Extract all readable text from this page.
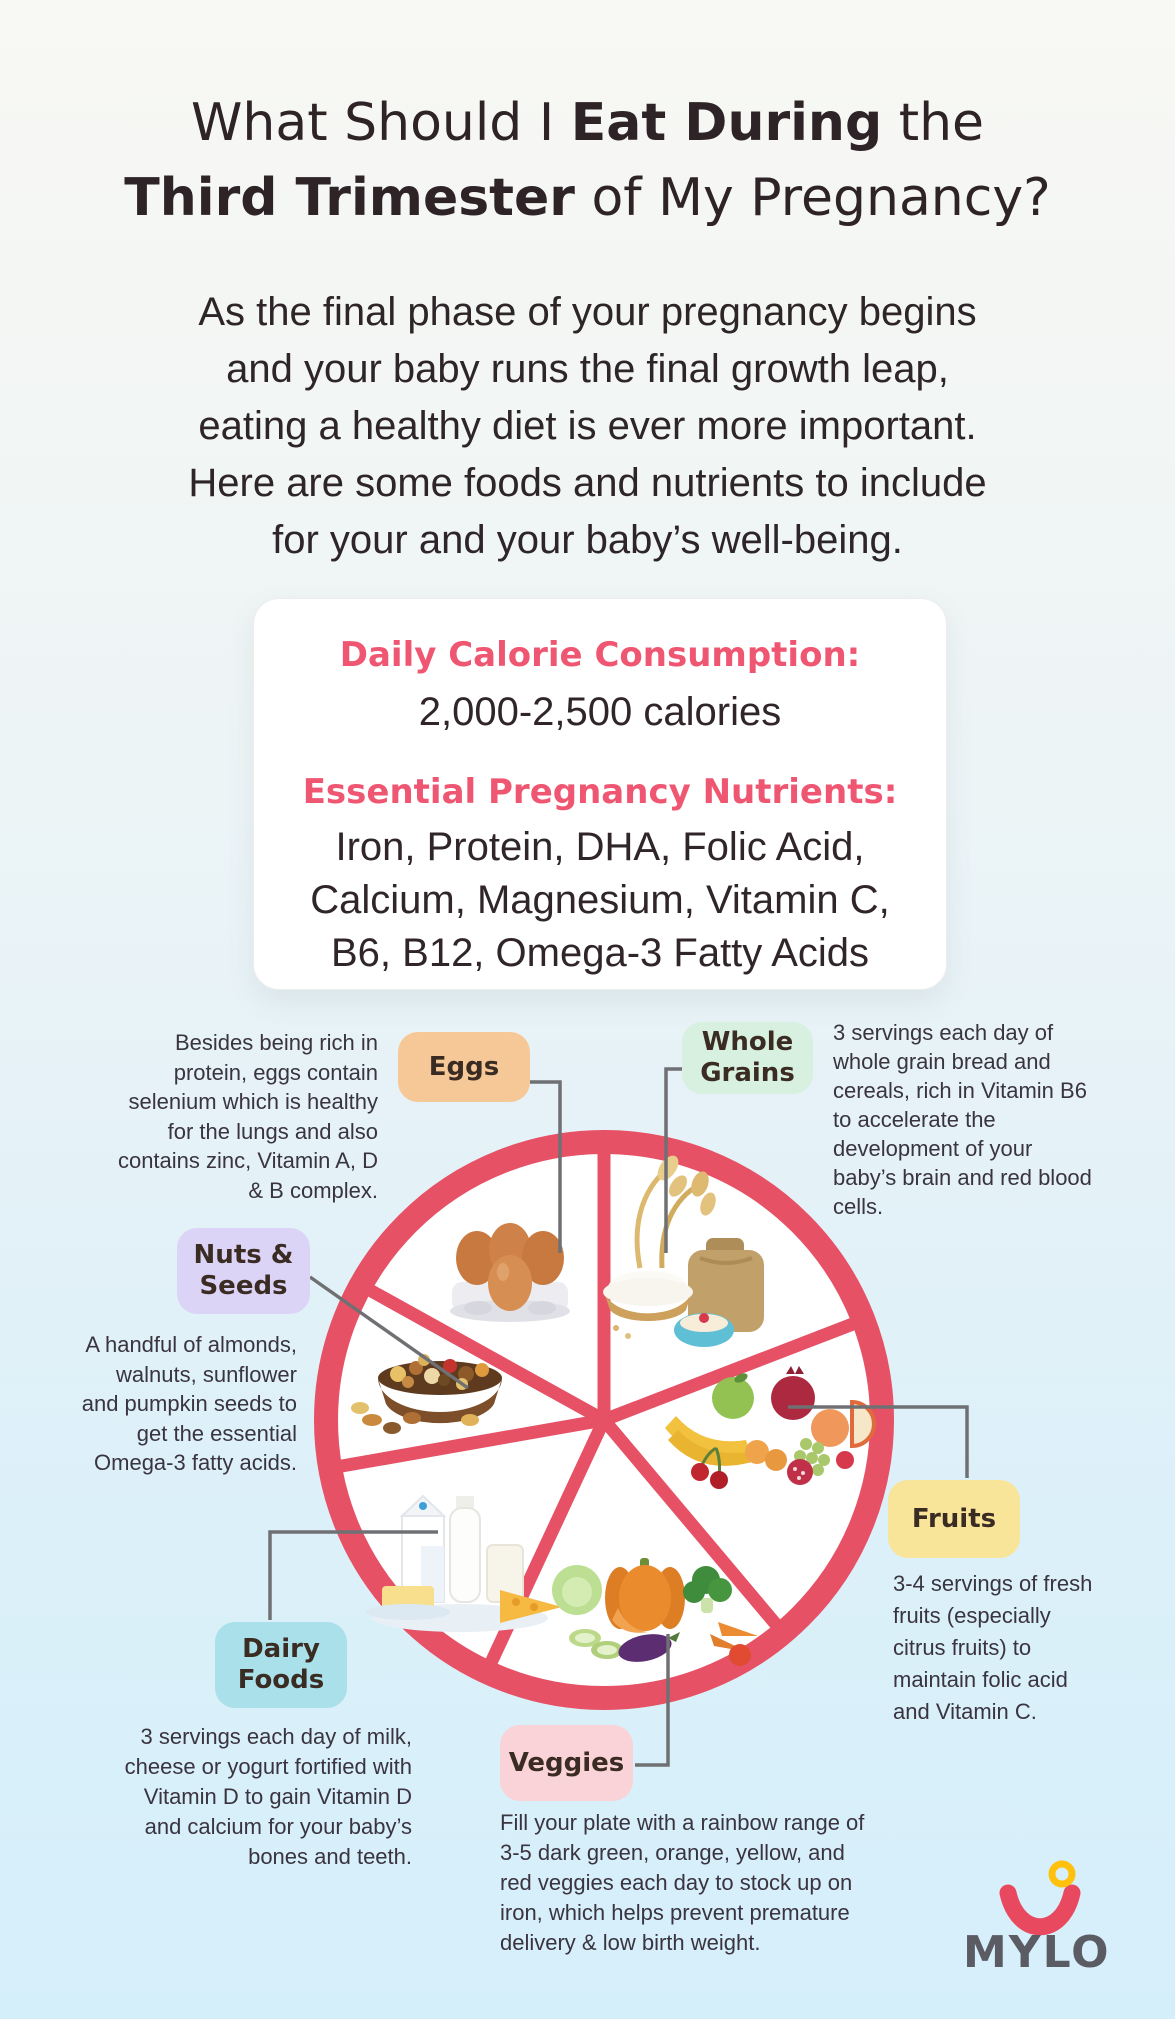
What Should I Eat During the
Third Trimester of My Pregnancy?
As the final phase of your pregnancy begins
and your baby runs the final growth leap,
eating a healthy diet is ever more important.
Here are some foods and nutrients to include
for your and your baby’s well-being.
Daily Calorie Consumption:
2,000-2,500 calories
Essential Pregnancy Nutrients:
Iron, Protein, DHA, Folic Acid,
Calcium, Magnesium, Vitamin C,
B6, B12, Omega-3 Fatty Acids
MYLO
Eggs
Whole Grains
Nuts & Seeds
Fruits
Dairy Foods
Veggies
Besides being rich in
protein, eggs contain
selenium which is healthy
for the lungs and also
contains zinc, Vitamin A, D
& B complex.
3 servings each day of
whole grain bread and
cereals, rich in Vitamin B6
to accelerate the
development of your
baby’s brain and red blood
cells.
A handful of almonds,
walnuts, sunflower
and pumpkin seeds to
get the essential
Omega-3 fatty acids.
3-4 servings of fresh
fruits (especially
citrus fruits) to
maintain folic acid
and Vitamin C.
3 servings each day of milk,
cheese or yogurt fortified with
Vitamin D to gain Vitamin D
and calcium for your baby’s
bones and teeth.
Fill your plate with a rainbow range of
3-5 dark green, orange, yellow, and
red veggies each day to stock up on
iron, which helps prevent premature
delivery & low birth weight.
